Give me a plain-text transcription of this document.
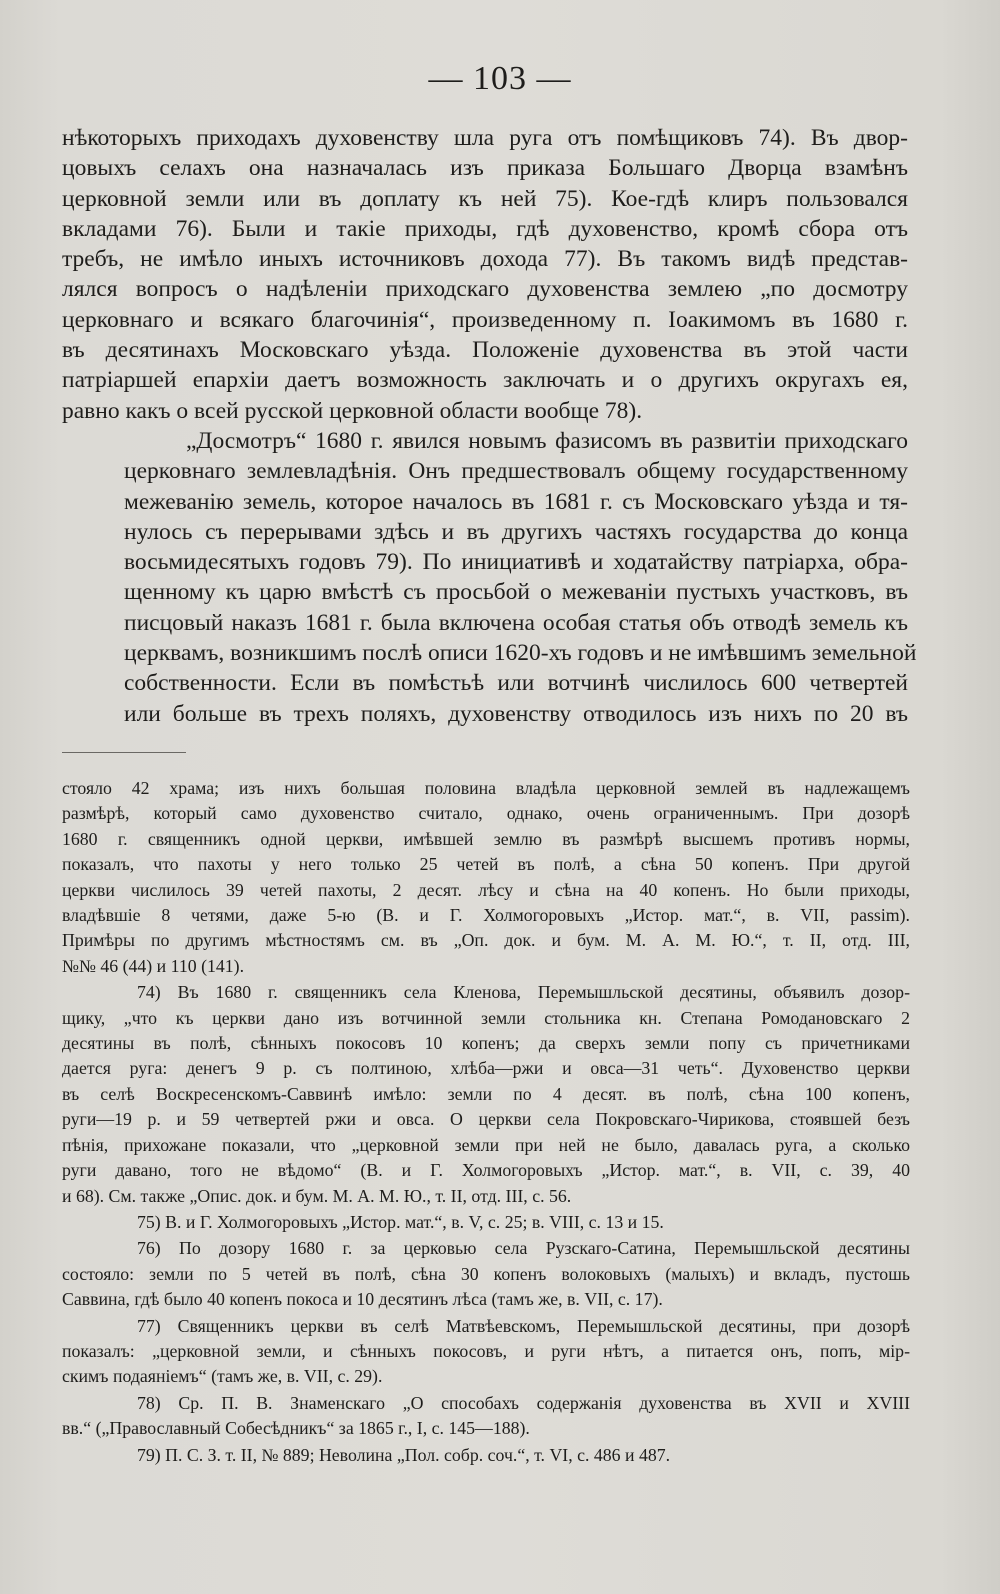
— 103 —

нѣкоторыхъ приходахъ духовенству шла руга отъ помѣщиковъ 74). Въ двор-
цовыхъ селахъ она назначалась изъ приказа Большаго Дворца взамѣнъ
церковной земли или въ доплату къ ней 75). Кое-гдѣ клиръ пользовался
вкладами 76). Были и такіе приходы, гдѣ духовенство, кромѣ сбора отъ
требъ, не имѣло иныхъ источниковъ дохода 77). Въ такомъ видѣ представ-
лялся вопросъ о надѣленіи приходскаго духовенства землею „по досмотру
церковнаго и всякаго благочинія“, произведенному п. Іоакимомъ въ 1680 г.
въ десятинахъ Московскаго уѣзда. Положеніе духовенства въ этой части
патріаршей епархіи даетъ возможность заключать и о другихъ округахъ ея,
равно какъ о всей русской церковной области вообще 78).

„Досмотръ“ 1680 г. явился новымъ фазисомъ въ развитіи приходскаго
церковнаго землевладѣнія. Онъ предшествовалъ общему государственному
межеванію земель, которое началось въ 1681 г. съ Московскаго уѣзда и тя-
нулось съ перерывами здѣсь и въ другихъ частяхъ государства до конца
восьмидесятыхъ годовъ 79). По инициативѣ и ходатайству патріарха, обра-
щенному къ царю вмѣстѣ съ просьбой о межеваніи пустыхъ участковъ, въ
писцовый наказъ 1681 г. была включена особая статья объ отводѣ земель къ
церквамъ, возникшимъ послѣ описи 1620-хъ годовъ и не имѣвшимъ земельной
собственности. Если въ помѣстьѣ или вотчинѣ числилось 600 четвертей
или больше въ трехъ поляхъ, духовенству отводилось изъ нихъ по 20 въ

стояло 42 храма; изъ нихъ большая половина владѣла церковной землей въ надлежащемъ
размѣрѣ, который само духовенство считало, однако, очень ограниченнымъ. При дозорѣ
1680 г. священникъ одной церкви, имѣвшей землю въ размѣрѣ высшемъ противъ нормы,
показалъ, что пахоты у него только 25 четей въ полѣ, а сѣна 50 копенъ. При другой
церкви числилось 39 четей пахоты, 2 десят. лѣсу и сѣна на 40 копенъ. Но были приходы,
владѣвшіе 8 четями, даже 5-ю (В. и Г. Холмогоровыхъ „Истор. мат.“, в. VII, passim).
Примѣры по другимъ мѣстностямъ см. въ „Оп. док. и бум. М. А. М. Ю.“, т. II, отд. III,
№№ 46 (44) и 110 (141).
74) Въ 1680 г. священникъ села Кленова, Перемышльской десятины, объявилъ дозор-
щику, „что къ церкви дано изъ вотчинной земли стольника кн. Степана Ромодановскаго 2
десятины въ полѣ, сѣнныхъ покосовъ 10 копенъ; да сверхъ земли попу съ причетниками
дается руга: денегъ 9 р. съ полтиною, хлѣба—ржи и овса—31 четь“. Духовенство церкви
въ селѣ Воскресенскомъ-Саввинѣ имѣло: земли по 4 десят. въ полѣ, сѣна 100 копенъ,
руги—19 р. и 59 четвертей ржи и овса. О церкви села Покровскаго-Чирикова, стоявшей безъ
пѣнія, прихожане показали, что „церковной земли при ней не было, давалась руга, а сколько
руги давано, того не вѣдомо“ (В. и Г. Холмогоровыхъ „Истор. мат.“, в. VII, с. 39, 40
и 68). См. также „Опис. док. и бум. М. А. М. Ю., т. II, отд. III, с. 56.
75) В. и Г. Холмогоровыхъ „Истор. мат.“, в. V, с. 25; в. VIII, с. 13 и 15.
76) По дозору 1680 г. за церковью села Рузскаго-Сатина, Перемышльской десятины
состояло: земли по 5 четей въ полѣ, сѣна 30 копенъ волоковыхъ (малыхъ) и вкладъ, пустошь
Саввина, гдѣ было 40 копенъ покоса и 10 десятинъ лѣса (тамъ же, в. VII, с. 17).
77) Священникъ церкви въ селѣ Матвѣевскомъ, Перемышльской десятины, при дозорѣ
показалъ: „церковной земли, и сѣнныхъ покосовъ, и руги нѣтъ, а питается онъ, попъ, мір-
скимъ подаяніемъ“ (тамъ же, в. VII, с. 29).
78) Ср. П. В. Знаменскаго „О способахъ содержанія духовенства въ XVII и XVIII
вв.“ („Православный Собесѣдникъ“ за 1865 г., I, с. 145—188).
79) П. С. З. т. II, № 889; Неволина „Пол. собр. соч.“, т. VI, с. 486 и 487.
